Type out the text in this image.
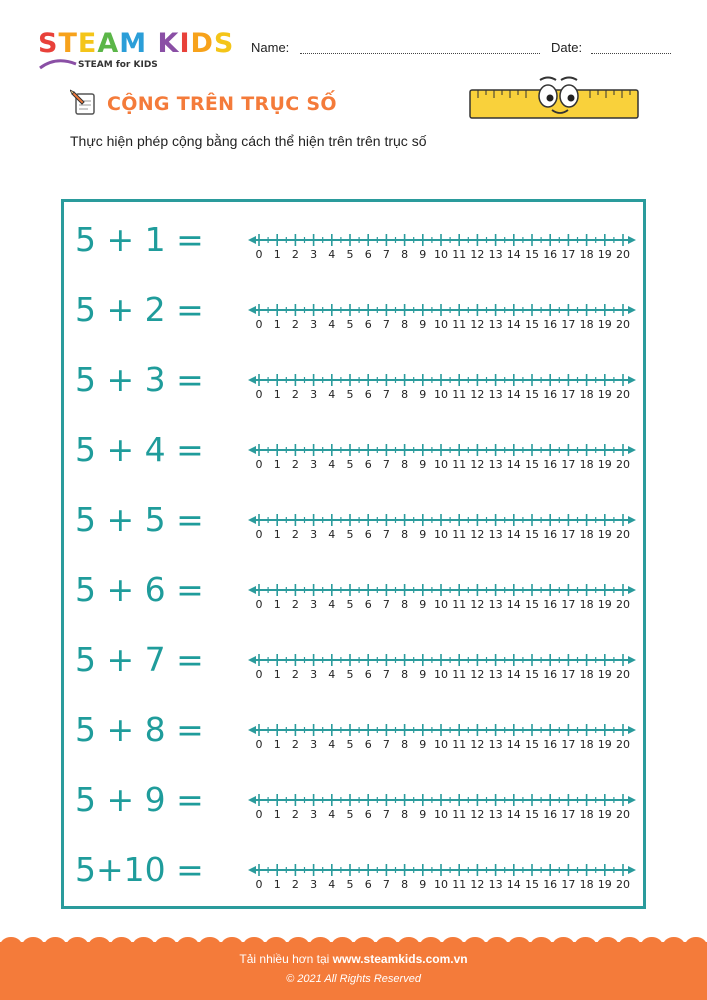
STEAM KIDS
STEAM for KIDS
Name:	Date:
CỘNG TRÊN TRỤC SỐ
Thực hiện phép cộng bằng cách thể hiện trên trên trục số
5 + 1 =	0 1 2 3 4 5 6 7 8 9 10 11 12 13 14 15 16 17 18 19 20
5 + 2 =	0 1 2 3 4 5 6 7 8 9 10 11 12 13 14 15 16 17 18 19 20
5 + 3 =	0 1 2 3 4 5 6 7 8 9 10 11 12 13 14 15 16 17 18 19 20
5 + 4 =	0 1 2 3 4 5 6 7 8 9 10 11 12 13 14 15 16 17 18 19 20
5 + 5 =	0 1 2 3 4 5 6 7 8 9 10 11 12 13 14 15 16 17 18 19 20
5 + 6 =	0 1 2 3 4 5 6 7 8 9 10 11 12 13 14 15 16 17 18 19 20
5 + 7 =	0 1 2 3 4 5 6 7 8 9 10 11 12 13 14 15 16 17 18 19 20
5 + 8 =	0 1 2 3 4 5 6 7 8 9 10 11 12 13 14 15 16 17 18 19 20
5 + 9 =	0 1 2 3 4 5 6 7 8 9 10 11 12 13 14 15 16 17 18 19 20
5+10 =	0 1 2 3 4 5 6 7 8 9 10 11 12 13 14 15 16 17 18 19 20
Tải nhiều hơn tại www.steamkids.com.vn
© 2021 All Rights Reserved
